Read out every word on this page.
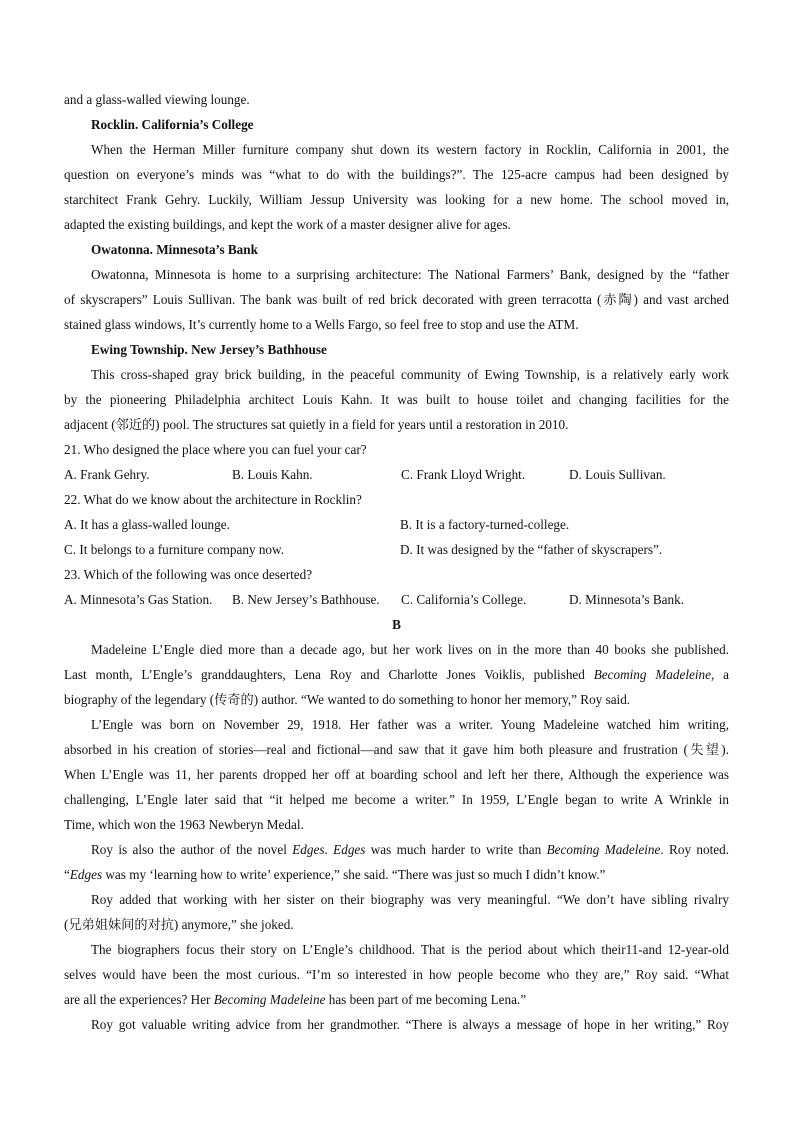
and a glass-walled viewing lounge.
Rocklin. California’s College
When the Herman Miller furniture company shut down its western factory in Rocklin, California in 2001, the
question on everyone’s minds was “what to do with the buildings?”. The 125-acre campus had been designed by
starchitect Frank Gehry. Luckily, William Jessup University was looking for a new home. The school moved in,
adapted the existing buildings, and kept the work of a master designer alive for ages.
Owatonna. Minnesota’s Bank
Owatonna, Minnesota is home to a surprising architecture: The National Farmers’ Bank, designed by the “father
of skyscrapers” Louis Sullivan. The bank was built of red brick decorated with green terracotta (赤陶) and vast arched
stained glass windows, It’s currently home to a Wells Fargo, so feel free to stop and use the ATM.
Ewing Township. New Jersey’s Bathhouse
This cross-shaped gray brick building, in the peaceful community of Ewing Township, is a relatively early work
by the pioneering Philadelphia architect Louis Kahn. It was built to house toilet and changing facilities for the
adjacent (邻近的) pool. The structures sat quietly in a field for years until a restoration in 2010.
21. Who designed the place where you can fuel your car?
A. Frank Gehry.	B. Louis Kahn.	C. Frank Lloyd Wright.	D. Louis Sullivan.
22. What do we know about the architecture in Rocklin?
A. It has a glass-walled lounge.	B. It is a factory-turned-college.
C. It belongs to a furniture company now.	D. It was designed by the “father of skyscrapers”.
23. Which of the following was once deserted?
A. Minnesota’s Gas Station.	B. New Jersey’s Bathhouse.	C. California’s College.	D. Minnesota’s Bank.
B
Madeleine L’Engle died more than a decade ago, but her work lives on in the more than 40 books she published.
Last month, L’Engle’s granddaughters, Lena Roy and Charlotte Jones Voiklis, published Becoming Madeleine, a
biography of the legendary (传奇的) author. “We wanted to do something to honor her memory,” Roy said.
L’Engle was born on November 29, 1918. Her father was a writer. Young Madeleine watched him writing,
absorbed in his creation of stories—real and fictional—and saw that it gave him both pleasure and frustration (失望).
When L’Engle was 11, her parents dropped her off at boarding school and left her there, Although the experience was
challenging, L’Engle later said that “it helped me become a writer.” In 1959, L’Engle began to write A Wrinkle in
Time, which won the 1963 Newberyn Medal.
Roy is also the author of the novel Edges. Edges was much harder to write than Becoming Madeleine. Roy noted.
“Edges was my ‘learning how to write’ experience,” she said. “There was just so much I didn’t know.”
Roy added that working with her sister on their biography was very meaningful. “We don’t have sibling rivalry
(兄弟姐妹间的对抗) anymore,” she joked.
The biographers focus their story on L’Engle’s childhood. That is the period about which their11-and 12-year-old
selves would have been the most curious. “I’m so interested in how people become who they are,” Roy said. “What
are all the experiences? Her Becoming Madeleine has been part of me becoming Lena.”
Roy got valuable writing advice from her grandmother. “There is always a message of hope in her writing,” Roy
